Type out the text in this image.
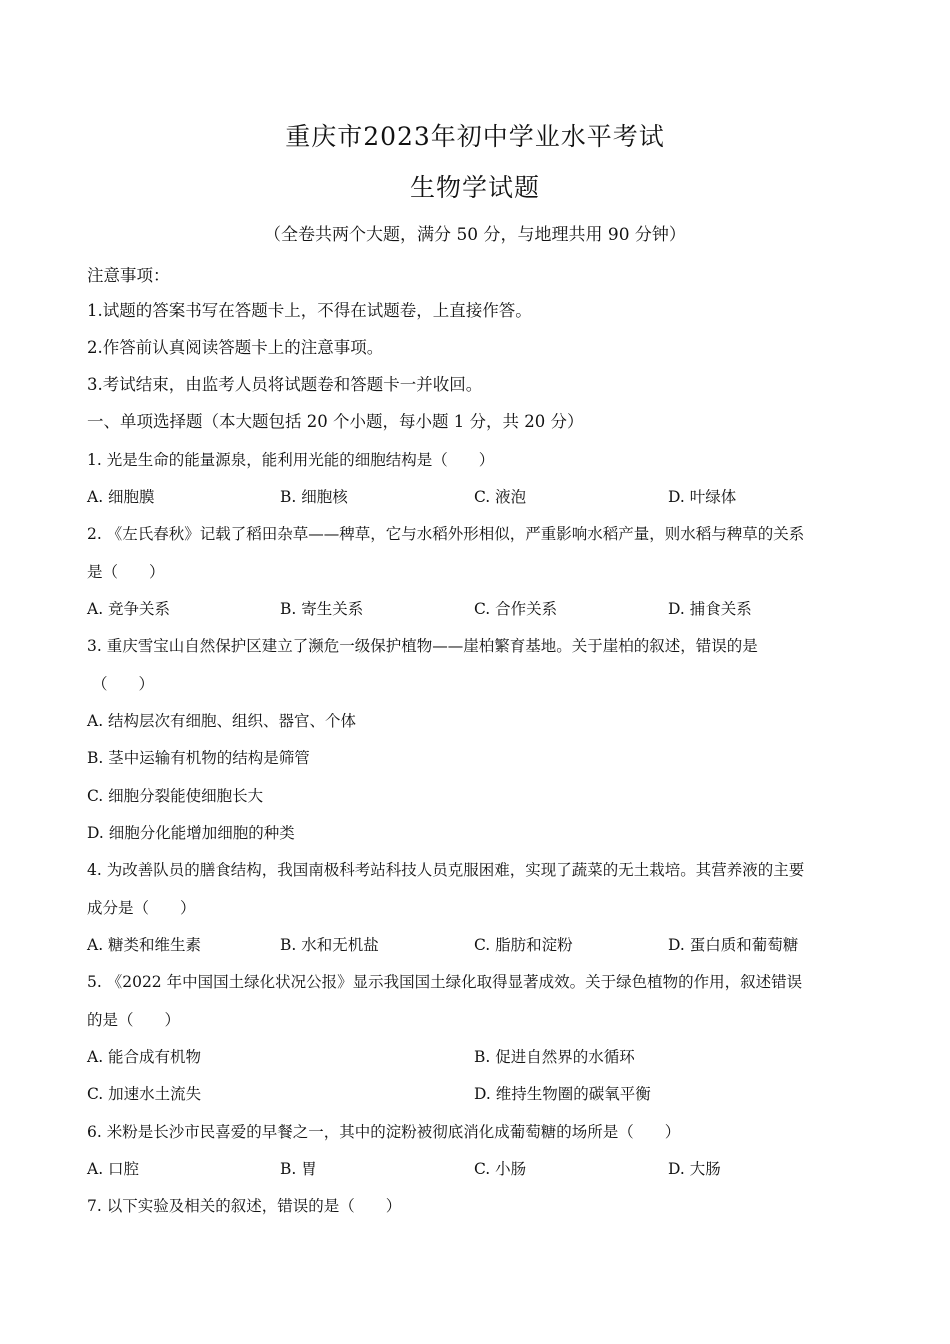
重庆市2023年初中学业水平考试
生物学试题
（全卷共两个大题，满分 50 分，与地理共用 90 分钟）
注意事项：
1.试题的答案书写在答题卡上，不得在试题卷，上直接作答。
2.作答前认真阅读答题卡上的注意事项。
3.考试结束，由监考人员将试题卷和答题卡一并收回。
一、单项选择题（本大题包括 20 个小题，每小题 1 分，共 20 分）
1. 光是生命的能量源泉，能利用光能的细胞结构是（　　）
A. 细胞膜	B. 细胞核	C. 液泡	D. 叶绿体
2. 《左氏春秋》记载了稻田杂草——稗草，它与水稻外形相似，严重影响水稻产量，则水稻与稗草的关系
是（　　）
A. 竞争关系	B. 寄生关系	C. 合作关系	D. 捕食关系
3. 重庆雪宝山自然保护区建立了濒危一级保护植物——崖柏繁育基地。关于崖柏的叙述，错误的是
（　　）
A. 结构层次有细胞、组织、器官、个体
B. 茎中运输有机物的结构是筛管
C. 细胞分裂能使细胞长大
D. 细胞分化能增加细胞的种类
4. 为改善队员的膳食结构，我国南极科考站科技人员克服困难，实现了蔬菜的无土栽培。其营养液的主要
成分是（　　）
A. 糖类和维生素	B. 水和无机盐	C. 脂肪和淀粉	D. 蛋白质和葡萄糖
5. 《2022 年中国国土绿化状况公报》显示我国国土绿化取得显著成效。关于绿色植物的作用，叙述错误
的是（　　）
A. 能合成有机物	B. 促进自然界的水循环
C. 加速水土流失	D. 维持生物圈的碳氧平衡
6. 米粉是长沙市民喜爱的早餐之一，其中的淀粉被彻底消化成葡萄糖的场所是（　　）
A. 口腔	B. 胃	C. 小肠	D. 大肠
7. 以下实验及相关的叙述，错误的是（　　）
